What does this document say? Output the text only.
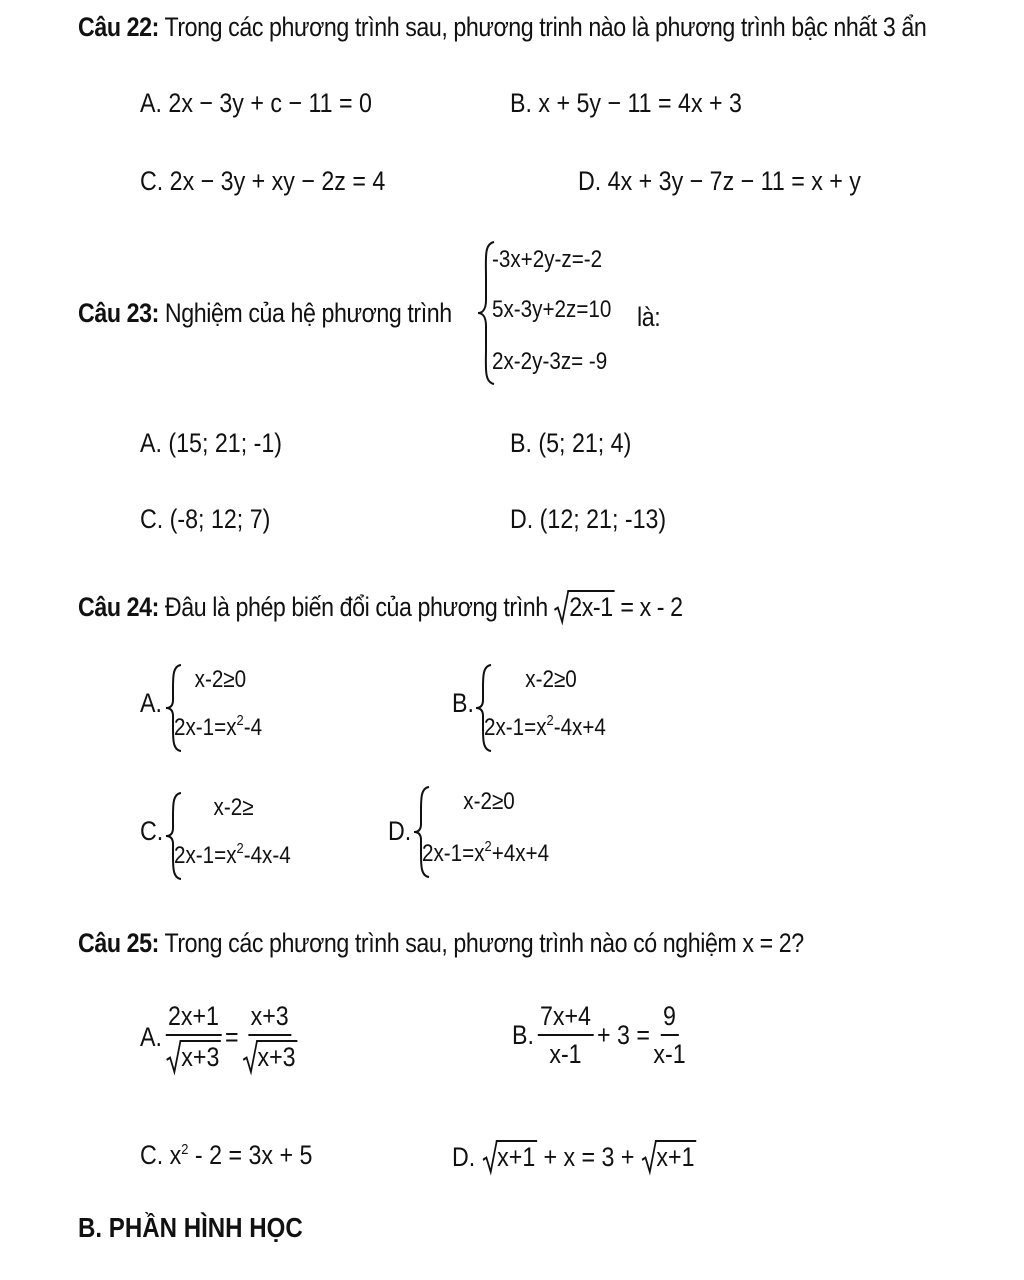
Câu 22: Trong các phương trình sau, phương trinh nào là phương trình bậc nhất 3 ẩn
A. 2x − 3y + c − 11 = 0	B. x + 5y − 11 = 4x + 3
C. 2x − 3y + xy − 2z = 4	D. 4x + 3y − 7z − 11 = x + y
Câu 23: Nghiệm của hệ phương trình
-3x+2y-z=-2
5x-3y+2z=10
2x-2y-3z= -9
là:
A. (15; 21; -1)	B. (5; 21; 4)
C. (-8; 12; 7)	D. (12; 21; -13)
Câu 24: Đâu là phép biến đổi của phương trình 2x-1 = x - 2
A.
x-2≥0
$2x-1=x^2-4$
B.
x-2≥0
$2x-1=x^2-4x+4$
C.
x-2≥
$2x-1=x^2-4x-4$
D.
x-2≥0
$2x-1=x^2+4x+4$
Câu 25: Trong các phương trình sau, phương trình nào có nghiệm x = 2?
A. $\frac{2x+1}{x+3} = \frac{x+3}{x+3}$	B. $\frac{7x+4}{x-1} + 3 = \frac{9}{x-1}$
C. $x^2 - 2 = 3x + 5$	D. x+1 + x = 3 + x+1
B. PHẦN HÌNH HỌC
